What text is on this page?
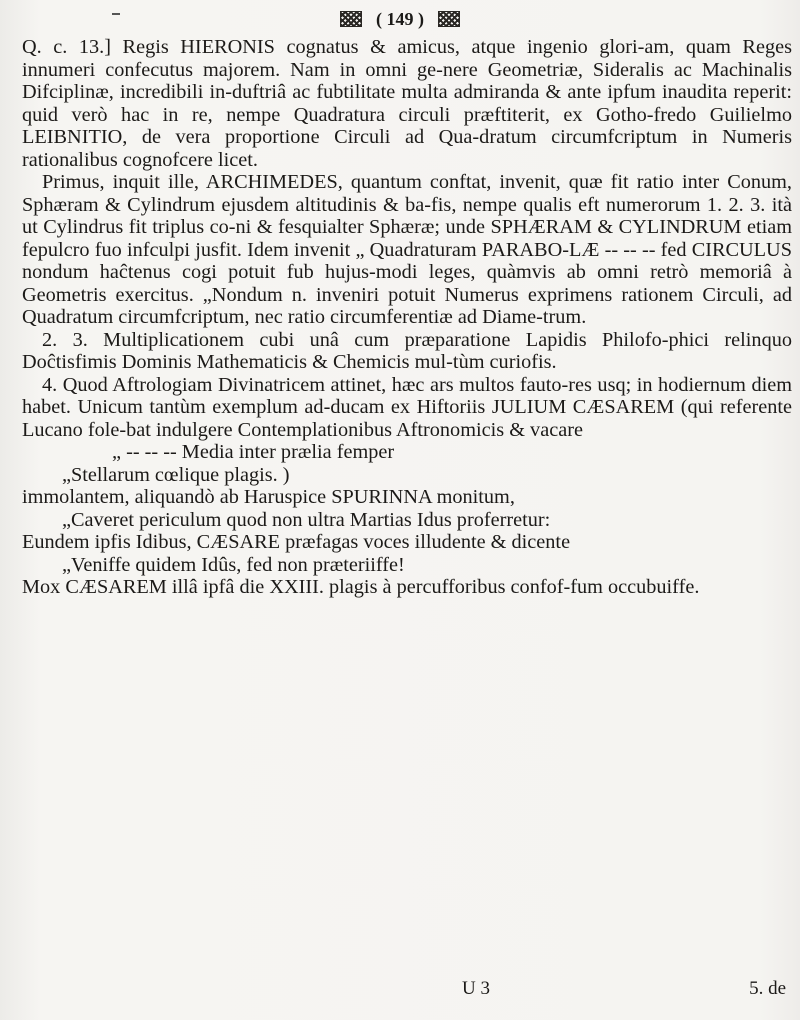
( 149 )

Q. c. 13.] Regis HIERONIS cognatus & amicus, atque ingenio glori-am, quam Reges innumeri confecutus majorem. Nam in omni ge-nere Geometriæ, Sideralis ac Machinalis Difciplinæ, incredibili in-duftriâ ac fubtilitate multa admiranda & ante ipfum inaudita reperit: quid verò hac in re, nempe Quadratura circuli præftiterit, ex Gotho-fredo Guilielmo LEIBNITIO, de vera proportione Circuli ad Qua-dratum circumfcriptum in Numeris rationalibus cognofcere licet.

Primus, inquit ille, ARCHIMEDES, quantum conftat, invenit, quæ fit ratio inter Conum, Sphæram & Cylindrum ejusdem altitudinis & ba-fis, nempe qualis eft numerorum 1. 2. 3. ità ut Cylindrus fit triplus co-ni & fesquialter Sphæræ; unde SPHÆRAM & CYLINDRUM etiam fepulcro fuo infculpi jusfit. Idem invenit „ Quadraturam PARABO-LÆ -- -- -- fed CIRCULUS nondum haĉtenus cogi potuit fub hujus-modi leges, quàmvis ab omni retrò memoriâ à Geometris exercitus. „Nondum n. inveniri potuit Numerus exprimens rationem Circuli, ad Quadratum circumfcriptum, nec ratio circumferentiæ ad Diame-trum.

2. 3. Multiplicationem cubi unâ cum præparatione Lapidis Philofo-phici relinquo Doĉtisfimis Dominis Mathematicis & Chemicis mul-tùm curiofis.

4. Quod Aftrologiam Divinatricem attinet, hæc ars multos fauto-res usq; in hodiernum diem habet. Unicum tantùm exemplum ad-ducam ex Hiftoriis JULIUM CÆSAREM (qui referente Lucano fole-bat indulgere Contemplationibus Aftronomicis & vacare

„ -- -- -- Media inter prælia femper

„Stellarum cœlique plagis. )

immolantem, aliquandò ab Haruspice SPURINNA monitum,

„Caveret periculum quod non ultra Martias Idus proferretur:

Eundem ipfis Idibus, CÆSARE præfagas voces illudente & dicente

„Veniffe quidem Idûs, fed non præteriiffe!

Mox CÆSAREM illâ ipfâ die XXIII. plagis à percufforibus confof-fum occubuiffe.

U 3	5. de
